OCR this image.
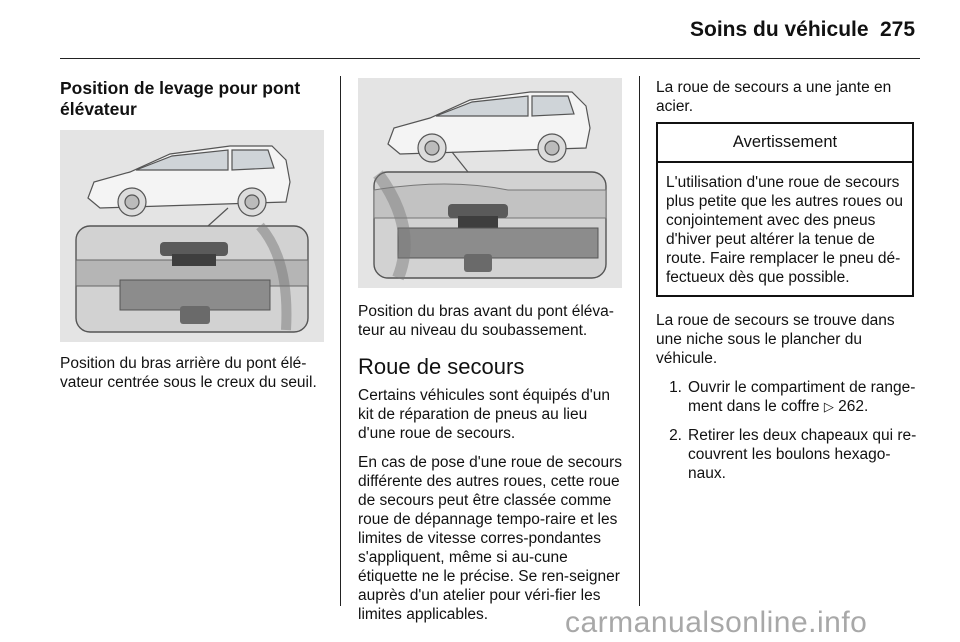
Soins du véhicule 275
Position de levage pour pont élévateur

Position du bras arrière du pont élé-vateur centrée sous le creux du seuil.

Position du bras avant du pont éléva-teur au niveau du soubassement.

Roue de secours

Certains véhicules sont équipés d'un kit de réparation de pneus au lieu d'une roue de secours.

En cas de pose d'une roue de secours différente des autres roues, cette roue de secours peut être classée comme roue de dépannage tempo-raire et les limites de vitesse corres-pondantes s'appliquent, même si au-cune étiquette ne le précise. Se ren-seigner auprès d'un atelier pour véri-fier les limites applicables.

La roue de secours a une jante en acier.

Avertissement
L'utilisation d'une roue de secours plus petite que les autres roues ou conjointement avec des pneus d'hiver peut altérer la tenue de route. Faire remplacer le pneu dé-fectueux dès que possible.

La roue de secours se trouve dans une niche sous le plancher du véhicule.

1. Ouvrir le compartiment de range-ment dans le coffre ▷ 262.
2. Retirer les deux chapeaux qui re-couvrent les boulons hexago-naux.
carmanualsonline.info
